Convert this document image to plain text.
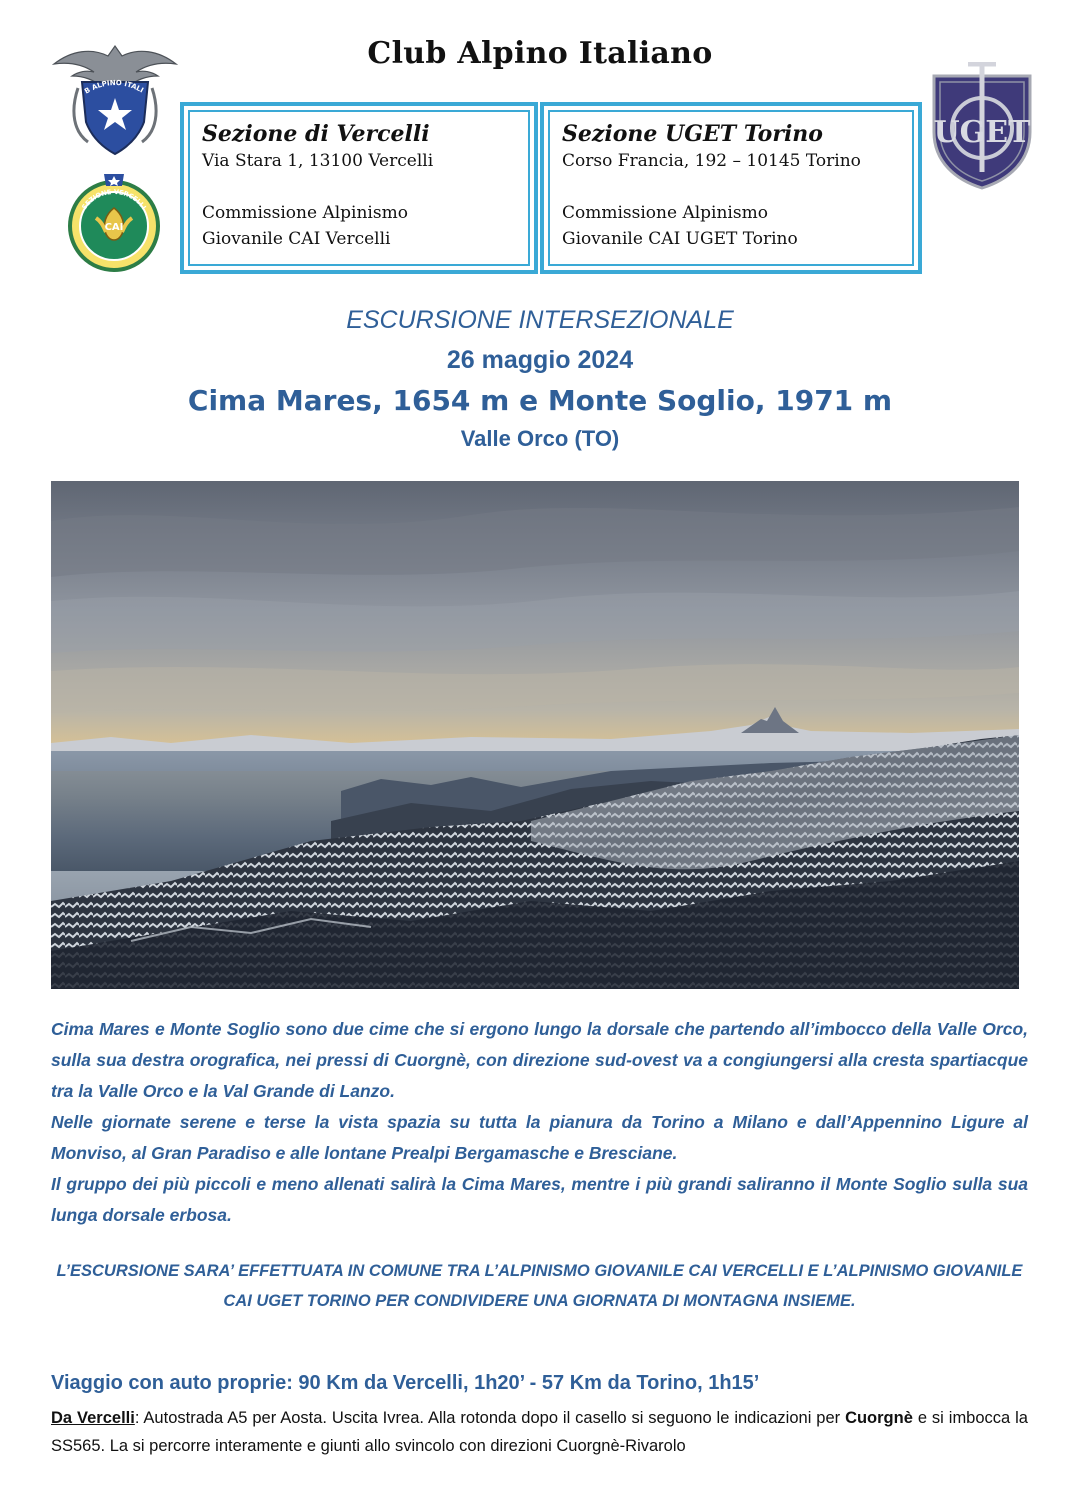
Club Alpino Italiano
B ALPINO ITALI
CAI
SEZIONE VERCELLI
UGET
Sezione di Vercelli
Via Stara 1, 13100 Vercelli
Commissione Alpinismo
Giovanile CAI Vercelli
Sezione UGET Torino
Corso Francia, 192 – 10145 Torino
Commissione Alpinismo
Giovanile CAI UGET Torino
ESCURSIONE INTERSEZIONALE
26 maggio 2024
Cima Mares, 1654 m e Monte Soglio, 1971 m
Valle Orco (TO)

Cima Mares e Monte Soglio sono due cime che si ergono lungo la dorsale che partendo all’imbocco della Valle Orco, sulla sua destra orografica, nei pressi di Cuorgnè, con direzione sud-ovest va a congiungersi alla cresta spartiacque tra la Valle Orco e la Val Grande di Lanzo.

Nelle giornate serene e terse la vista spazia su tutta la pianura da Torino a Milano e dall’Appennino Ligure al Monviso, al Gran Paradiso e alle lontane Prealpi Bergamasche e Bresciane.

Il gruppo dei più piccoli e meno allenati salirà la Cima Mares, mentre i più grandi saliranno il Monte Soglio sulla sua lunga dorsale erbosa.

L’ESCURSIONE SARA’ EFFETTUATA IN COMUNE TRA L’ALPINISMO GIOVANILE CAI VERCELLI E L’ALPINISMO GIOVANILE CAI UGET TORINO PER CONDIVIDERE UNA GIORNATA DI MONTAGNA INSIEME.
Viaggio con auto proprie: 90 Km da Vercelli, 1h20’ - 57 Km da Torino, 1h15’

Da Vercelli: Autostrada A5 per Aosta. Uscita Ivrea. Alla rotonda dopo il casello si seguono le indicazioni per Cuorgnè e si imbocca la SS565. La si percorre interamente e giunti allo svincolo con direzioni Cuorgnè-Rivarolo
